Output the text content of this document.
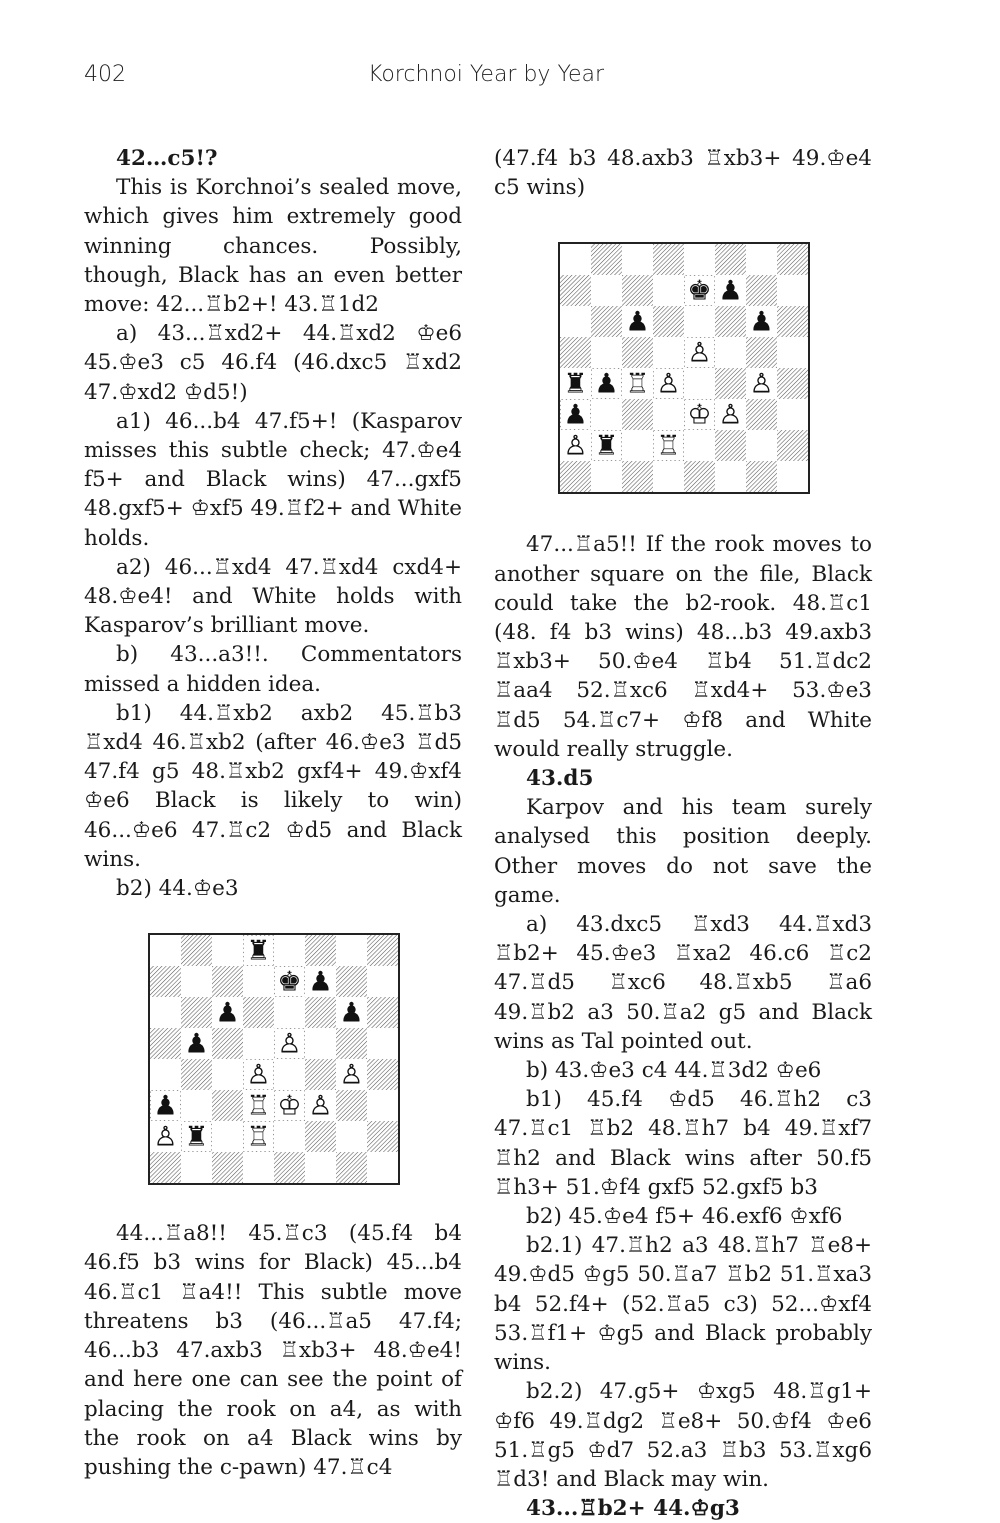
402	Korchnoi Year by Year

42…c5!?

This is Korchnoi’s sealed move, which gives him extremely good winning chances. Possibly, though, Black has an even better move: 42...♖b2+! 43.♖1d2

a) 43...♖xd2+ 44.♖xd2 ♔e6 45.♔e3 c5 46.f4 (46.dxc5 ♖xd2 47.♔xd2 ♔d5!)

a1) 46...b4 47.f5+! (Kasparov misses this subtle check; 47.♔e4 f5+ and Black wins) 47...gxf5 48.gxf5+ ♔xf5 49.♖f2+ and White holds.

a2) 46...♖xd4 47.♖xd4 cxd4+ 48.♔e4! and White holds with Kasparov’s brilliant move.

b) 43...a3!!. Commentators missed a hidden idea.

b1) 44.♖xb2 axb2 45.♖b3 ♖xd4 46.♖xb2 (after 46.♔e3 ♖d5 47.f4 g5 48.♖xb2 gxf4+ 49.♔xf4 ♔e6 Black is likely to win) 46...♔e6 47.♖c2 ♔d5 and Black wins.

b2) 44.♔e3

♜
♚ ♟
♟	♟
♟	♙
♙	♙
♟	♖ ♔ ♙
♙ ♜ ♖

44...♖a8!! 45.♖c3 (45.f4 b4 46.f5 b3 wins for Black) 45...b4 46.♖c1 ♖a4!! This subtle move threatens b3 (46...♖a5 47.f4; 46...b3 47.axb3 ♖xb3+ 48.♔e4! and here one can see the point of placing the rook on a4, as with the rook on a4 Black wins by pushing the c-pawn) 47.♖c4

(47.f4 b3 48.axb3 ♖xb3+ 49.♔e4 c5 wins)

♚ ♟
♟	♟
♙
♜ ♟ ♖ ♙	♙
♟	♔ ♙
♙ ♜ ♖

47...♖a5!! If the rook moves to another square on the file, Black could take the b2-rook. 48.♖c1 (48. f4 b3 wins) 48...b3 49.axb3 ♖xb3+ 50.♔e4 ♖b4 51.♖dc2 ♖aa4 52.♖xc6 ♖xd4+ 53.♔e3 ♖d5 54.♖c7+ ♔f8 and White would really struggle.

43.d5

Karpov and his team surely analysed this position deeply. Other moves do not save the game.

a) 43.dxc5 ♖xd3 44.♖xd3 ♖b2+ 45.♔e3 ♖xa2 46.c6 ♖c2 47.♖d5 ♖xc6 48.♖xb5 ♖a6 49.♖b2 a3 50.♖a2 g5 and Black wins as Tal pointed out.

b) 43.♔e3 c4 44.♖3d2 ♔e6

b1) 45.f4 ♔d5 46.♖h2 c3 47.♖c1 ♖b2 48.♖h7 b4 49.♖xf7 ♖h2 and Black wins after 50.f5 ♖h3+ 51.♔f4 gxf5 52.gxf5 b3

b2) 45.♔e4 f5+ 46.exf6 ♔xf6

b2.1) 47.♖h2 a3 48.♖h7 ♖e8+ 49.♔d5 ♔g5 50.♖a7 ♖b2 51.♖xa3 b4 52.f4+ (52.♖a5 c3) 52...♔xf4 53.♖f1+ ♔g5 and Black probably wins.

b2.2) 47.g5+ ♔xg5 48.♖g1+ ♔f6 49.♖dg2 ♖e8+ 50.♔f4 ♔e6 51.♖g5 ♔d7 52.a3 ♖b3 53.♖xg6 ♖d3! and Black may win.

43...♖b2+ 44.♔g3
